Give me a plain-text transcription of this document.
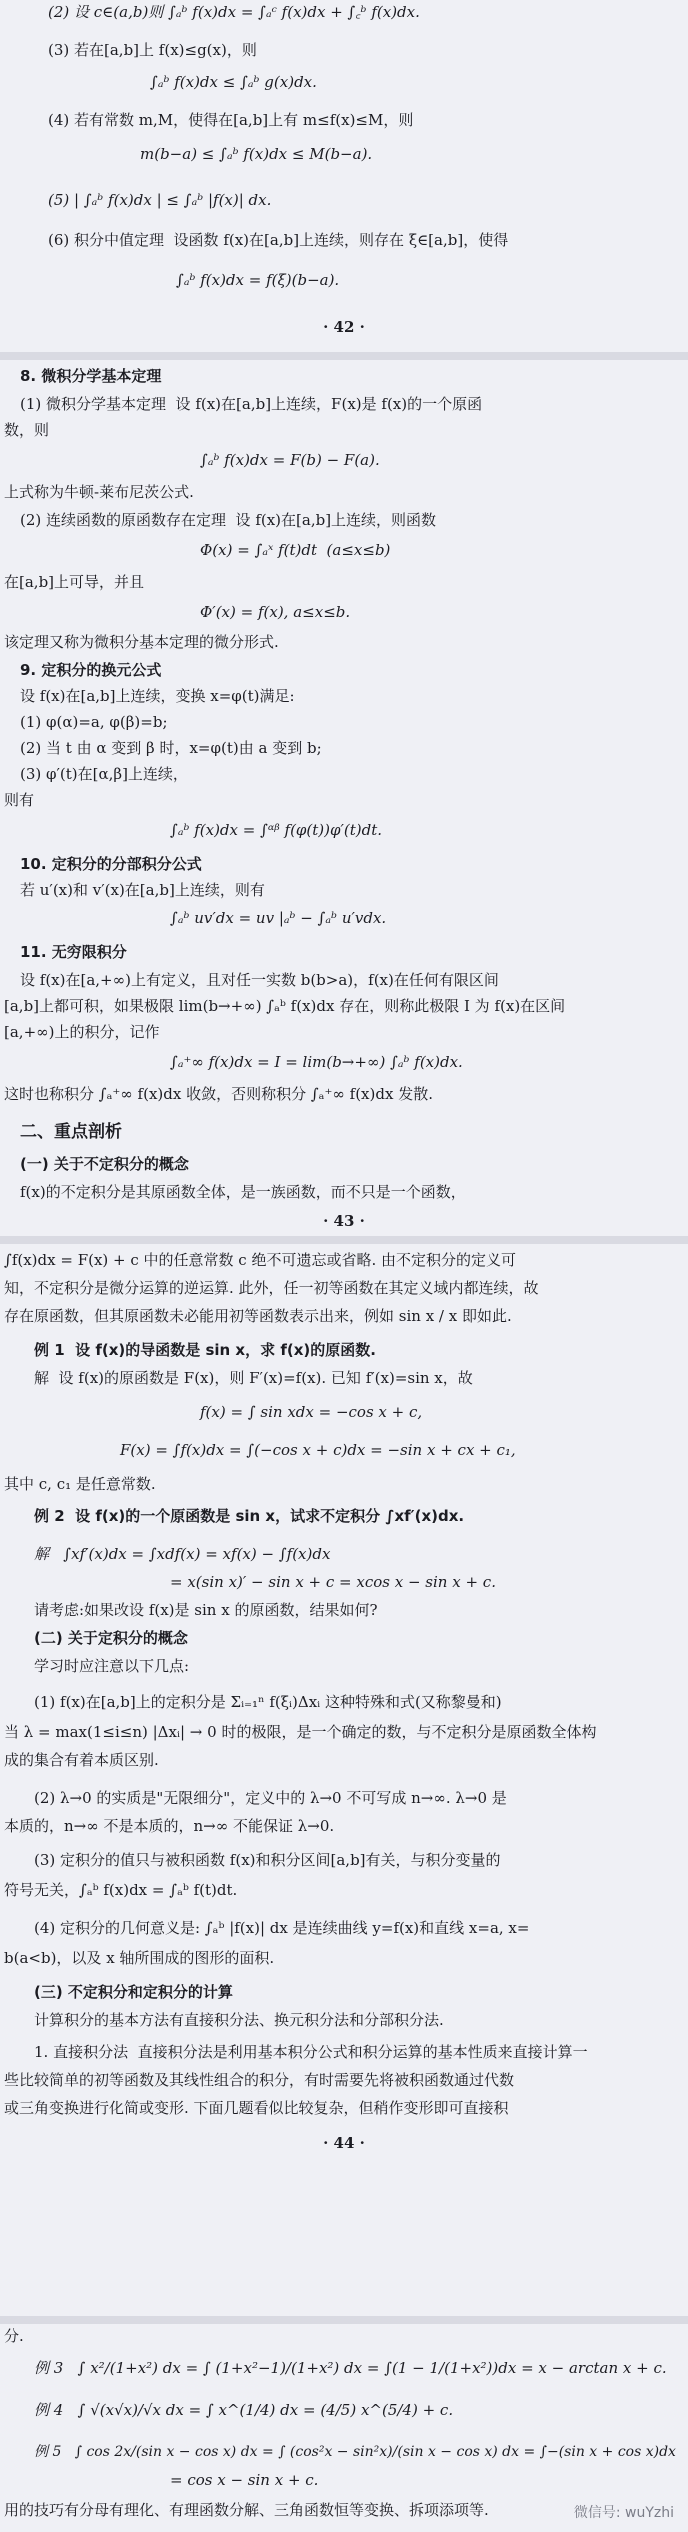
(2) 设 c∈(a,b)则 ∫ₐᵇ f(x)dx = ∫ₐᶜ f(x)dx + ∫꜀ᵇ f(x)dx.
(3) 若在[a,b]上 f(x)≤g(x)，则
∫ₐᵇ f(x)dx ≤ ∫ₐᵇ g(x)dx.
(4) 若有常数 m,M，使得在[a,b]上有 m≤f(x)≤M，则
m(b−a) ≤ ∫ₐᵇ f(x)dx ≤ M(b−a).
(5) | ∫ₐᵇ f(x)dx | ≤ ∫ₐᵇ |f(x)| dx.
(6) 积分中值定理  设函数 f(x)在[a,b]上连续，则存在 ξ∈[a,b]，使得
∫ₐᵇ f(x)dx = f(ξ)(b−a).
· 42 ·
8. 微积分学基本定理
(1) 微积分学基本定理  设 f(x)在[a,b]上连续，F(x)是 f(x)的一个原函
数，则
∫ₐᵇ f(x)dx = F(b) − F(a).
上式称为牛顿-莱布尼茨公式.
(2) 连续函数的原函数存在定理  设 f(x)在[a,b]上连续，则函数
Φ(x) = ∫ₐˣ f(t)dt  (a≤x≤b)
在[a,b]上可导，并且
Φ′(x) = f(x), a≤x≤b.
该定理又称为微积分基本定理的微分形式.
9. 定积分的换元公式
设 f(x)在[a,b]上连续，变换 x=φ(t)满足:
(1) φ(α)=a, φ(β)=b;
(2) 当 t 由 α 变到 β 时，x=φ(t)由 a 变到 b;
(3) φ′(t)在[α,β]上连续，
则有
∫ₐᵇ f(x)dx = ∫ᵅᵝ f(φ(t))φ′(t)dt.
10. 定积分的分部积分公式
若 u′(x)和 v′(x)在[a,b]上连续，则有
∫ₐᵇ uv′dx = uv |ₐᵇ − ∫ₐᵇ u′vdx.
11. 无穷限积分
设 f(x)在[a,+∞)上有定义，且对任一实数 b(b>a)，f(x)在任何有限区间
[a,b]上都可积，如果极限 lim(b→+∞) ∫ₐᵇ f(x)dx 存在，则称此极限 I 为 f(x)在区间
[a,+∞)上的积分，记作
∫ₐ⁺∞ f(x)dx = I = lim(b→+∞) ∫ₐᵇ f(x)dx.
这时也称积分 ∫ₐ⁺∞ f(x)dx 收敛，否则称积分 ∫ₐ⁺∞ f(x)dx 发散.
二、重点剖析
(一) 关于不定积分的概念
f(x)的不定积分是其原函数全体，是一族函数，而不只是一个函数，
· 43 ·
∫f(x)dx = F(x) + c 中的任意常数 c 绝不可遗忘或省略. 由不定积分的定义可
知，不定积分是微分运算的逆运算. 此外，任一初等函数在其定义域内都连续，故
存在原函数，但其原函数未必能用初等函数表示出来，例如 sin x / x 即如此.
例 1  设 f(x)的导函数是 sin x，求 f(x)的原函数.
解  设 f(x)的原函数是 F(x)，则 F′(x)=f(x). 已知 f′(x)=sin x，故
f(x) = ∫ sin xdx = −cos x + c,
F(x) = ∫f(x)dx = ∫(−cos x + c)dx = −sin x + cx + c₁,
其中 c, c₁ 是任意常数.
例 2  设 f(x)的一个原函数是 sin x，试求不定积分 ∫xf′(x)dx.
解   ∫xf′(x)dx = ∫xdf(x) = xf(x) − ∫f(x)dx
= x(sin x)′ − sin x + c = xcos x − sin x + c.
请考虑:如果改设 f(x)是 sin x 的原函数，结果如何?
(二) 关于定积分的概念
学习时应注意以下几点:
(1) f(x)在[a,b]上的定积分是 Σᵢ₌₁ⁿ f(ξᵢ)Δxᵢ 这种特殊和式(又称黎曼和)
当 λ = max(1≤i≤n) |Δxᵢ| → 0 时的极限，是一个确定的数，与不定积分是原函数全体构
成的集合有着本质区别.
(2) λ→0 的实质是"无限细分"，定义中的 λ→0 不可写成 n→∞. λ→0 是
本质的，n→∞ 不是本质的，n→∞ 不能保证 λ→0.
(3) 定积分的值只与被积函数 f(x)和积分区间[a,b]有关，与积分变量的
符号无关，∫ₐᵇ f(x)dx = ∫ₐᵇ f(t)dt.
(4) 定积分的几何意义是: ∫ₐᵇ |f(x)| dx 是连续曲线 y=f(x)和直线 x=a, x=
b(a<b)，以及 x 轴所围成的图形的面积.
(三) 不定积分和定积分的计算
计算积分的基本方法有直接积分法、换元积分法和分部积分法.
1. 直接积分法  直接积分法是利用基本积分公式和积分运算的基本性质来直接计算一
些比较简单的初等函数及其线性组合的积分，有时需要先将被积函数通过代数
或三角变换进行化简或变形. 下面几题看似比较复杂，但稍作变形即可直接积
· 44 ·
分.
例 3   ∫ x²/(1+x²) dx = ∫ (1+x²−1)/(1+x²) dx = ∫(1 − 1/(1+x²))dx = x − arctan x + c.
例 4   ∫ √(x√x)/√x dx = ∫ x^(1/4) dx = (4/5) x^(5/4) + c.
例 5   ∫ cos 2x/(sin x − cos x) dx = ∫ (cos²x − sin²x)/(sin x − cos x) dx = ∫−(sin x + cos x)dx
= cos x − sin x + c.
用的技巧有分母有理化、有理函数分解、三角函数恒等变换、拆项添项等.	微信号: wuYzhi
